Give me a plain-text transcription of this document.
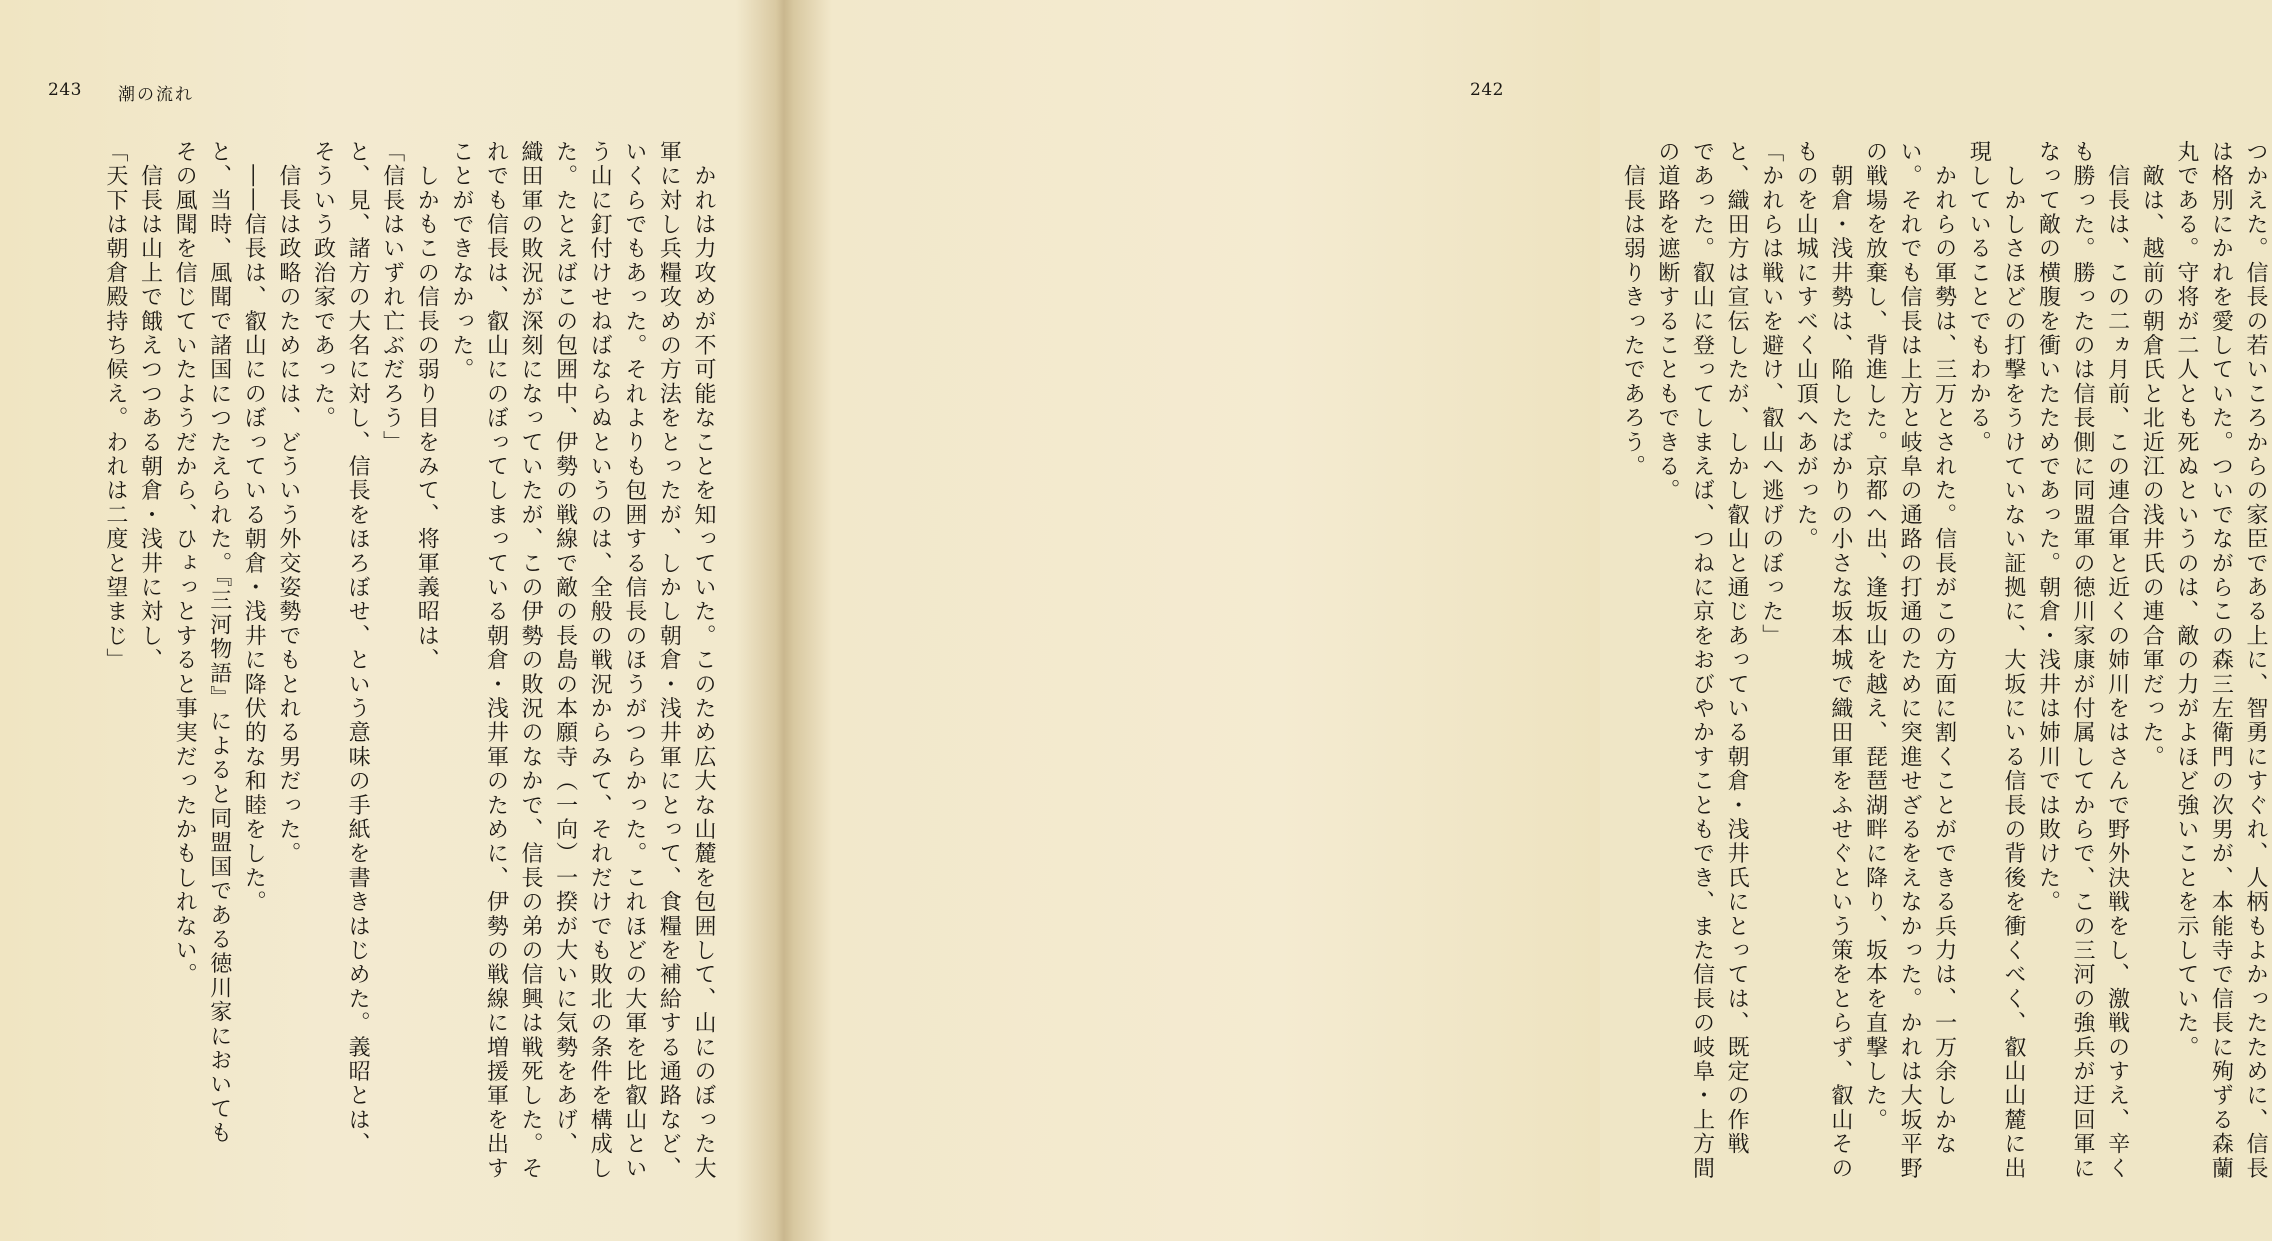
243 潮の流れ
　かれは力攻めが不可能なことを知っていた。このため広大な山麓を包囲して、山にのぼった大
軍に対し兵糧攻めの方法をとったが、しかし朝倉・浅井軍にとって、食糧を補給する通路など、
いくらでもあった。それよりも包囲する信長のほうがつらかった。これほどの大軍を比叡山とい
う山に釘付けせねばならぬというのは、全般の戦況からみて、それだけでも敗北の条件を構成し
た。たとえばこの包囲中、伊勢の戦線で敵の長島の本願寺（一向）一揆が大いに気勢をあげ、
織田軍の敗況が深刻になっていたが、この伊勢の敗況のなかで、信長の弟の信興は戦死した。そ
れでも信長は、叡山にのぼってしまっている朝倉・浅井軍のために、伊勢の戦線に増援軍を出す
ことができなかった。
　しかもこの信長の弱り目をみて、将軍義昭は、
「信長はいずれ亡ぶだろう」
と、見、諸方の大名に対し、信長をほろぼせ、という意味の手紙を書きはじめた。義昭とは、
そういう政治家であった。
　信長は政略のためには、どういう外交姿勢でもとれる男だった。
　――信長は、叡山にのぼっている朝倉・浅井に降伏的な和睦をした。
と、当時、風聞で諸国につたえられた。『三河物語』によると同盟国である徳川家においても
その風聞を信じていたようだから、ひょっとすると事実だったかもしれない。
　信長は山上で餓えつつある朝倉・浅井に対し、
「天下は朝倉殿持ち候え。われは二度と望まじ」
242
つかえた。信長の若いころからの家臣である上に、智勇にすぐれ、人柄もよかったために、信長
は格別にかれを愛していた。ついでながらこの森三左衛門の次男が、本能寺で信長に殉ずる森蘭
丸である。守将が二人とも死ぬというのは、敵の力がよほど強いことを示していた。
　敵は、越前の朝倉氏と北近江の浅井氏の連合軍だった。
　信長は、この二ヵ月前、この連合軍と近くの姉川をはさんで野外決戦をし、激戦のすえ、辛く
も勝った。勝ったのは信長側に同盟軍の徳川家康が付属してからで、この三河の強兵が迂回軍に
なって敵の横腹を衝いたためであった。朝倉・浅井は姉川では敗けた。
　しかしさほどの打撃をうけていない証拠に、大坂にいる信長の背後を衝くべく、叡山山麓に出
現していることでもわかる。
　かれらの軍勢は、三万とされた。信長がこの方面に割くことができる兵力は、一万余しかな
い。それでも信長は上方と岐阜の通路の打通のために突進せざるをえなかった。かれは大坂平野
の戦場を放棄し、背進した。京都へ出、逢坂山を越え、琵琶湖畔に降り、坂本を直撃した。
　朝倉・浅井勢は、陥したばかりの小さな坂本城で織田軍をふせぐという策をとらず、叡山その
ものを山城にすべく山頂へあがった。
「かれらは戦いを避け、叡山へ逃げのぼった」
と、織田方は宣伝したが、しかし叡山と通じあっている朝倉・浅井氏にとっては、既定の作戦
であった。叡山に登ってしまえば、つねに京をおびやかすこともでき、また信長の岐阜・上方間
の道路を遮断することもできる。
　信長は弱りきったであろう。
